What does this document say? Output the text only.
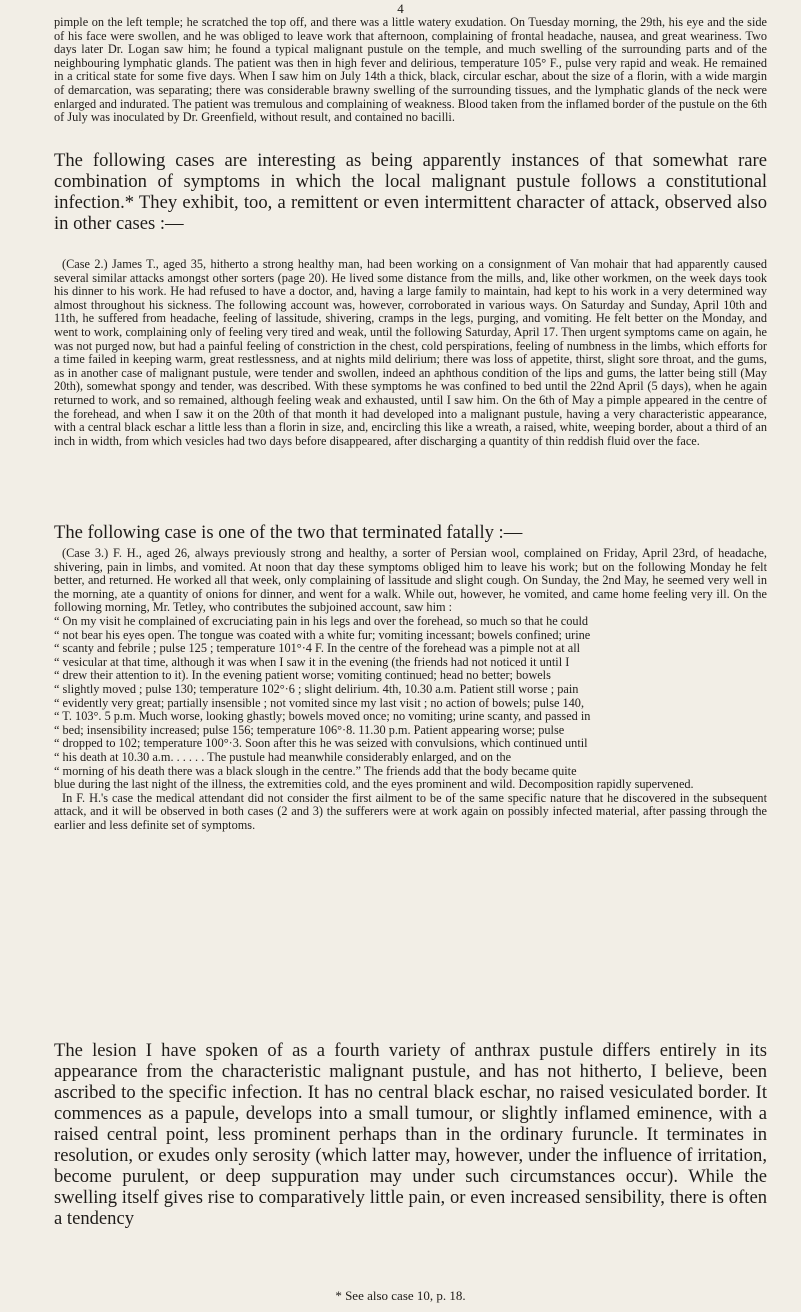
4

pimple on the left temple; he scratched the top off, and there was a little watery exudation. On Tuesday morning, the 29th, his eye and the side of his face were swollen, and he was obliged to leave work that afternoon, complaining of frontal headache, nausea, and great weariness. Two days later Dr. Logan saw him; he found a typical malignant pustule on the temple, and much swelling of the surrounding parts and of the neighbouring lymphatic glands. The patient was then in high fever and delirious, temperature 105° F., pulse very rapid and weak. He remained in a critical state for some five days. When I saw him on July 14th a thick, black, circular eschar, about the size of a florin, with a wide margin of demarcation, was separating; there was considerable brawny swelling of the surrounding tissues, and the lymphatic glands of the neck were enlarged and indurated. The patient was tremulous and complaining of weakness. Blood taken from the inflamed border of the pustule on the 6th of July was inoculated by Dr. Greenfield, without result, and contained no bacilli.

The following cases are interesting as being apparently instances of that somewhat rare combination of symptoms in which the local malignant pustule follows a constitutional infection.* They exhibit, too, a remittent or even intermittent character of attack, observed also in other cases :—

(Case 2.) James T., aged 35, hitherto a strong healthy man, had been working on a consignment of Van mohair that had apparently caused several similar attacks amongst other sorters (page 20). He lived some distance from the mills, and, like other workmen, on the week days took his dinner to his work. He had refused to have a doctor, and, having a large family to maintain, had kept to his work in a very determined way almost throughout his sickness. The following account was, however, corroborated in various ways. On Saturday and Sunday, April 10th and 11th, he suffered from headache, feeling of lassitude, shivering, cramps in the legs, purging, and vomiting. He felt better on the Monday, and went to work, complaining only of feeling very tired and weak, until the following Saturday, April 17. Then urgent symptoms came on again, he was not purged now, but had a painful feeling of constriction in the chest, cold perspirations, feeling of numbness in the limbs, which efforts for a time failed in keeping warm, great restlessness, and at nights mild delirium; there was loss of appetite, thirst, slight sore throat, and the gums, as in another case of malignant pustule, were tender and swollen, indeed an aphthous condition of the lips and gums, the latter being still (May 20th), somewhat spongy and tender, was described. With these symptoms he was confined to bed until the 22nd April (5 days), when he again returned to work, and so remained, although feeling weak and exhausted, until I saw him. On the 6th of May a pimple appeared in the centre of the forehead, and when I saw it on the 20th of that month it had developed into a malignant pustule, having a very characteristic appearance, with a central black eschar a little less than a florin in size, and, encircling this like a wreath, a raised, white, weeping border, about a third of an inch in width, from which vesicles had two days before disappeared, after discharging a quantity of thin reddish fluid over the face.

The following case is one of the two that terminated fatally :—

(Case 3.) F. H., aged 26, always previously strong and healthy, a sorter of Persian wool, complained on Friday, April 23rd, of headache, shivering, pain in limbs, and vomited. At noon that day these symptoms obliged him to leave his work; but on the following Monday he felt better, and returned. He worked all that week, only complaining of lassitude and slight cough. On Sunday, the 2nd May, he seemed very well in the morning, ate a quantity of onions for dinner, and went for a walk. While out, however, he vomited, and came home feeling very ill. On the following morning, Mr. Tetley, who contributes the subjoined account, saw him :
“ On my visit he complained of excruciating pain in his legs and over the forehead, so much so that he could
“ not bear his eyes open. The tongue was coated with a white fur; vomiting incessant; bowels confined; urine
“ scanty and febrile ; pulse 125 ; temperature 101°·4 F. In the centre of the forehead was a pimple not at all
“ vesicular at that time, although it was when I saw it in the evening (the friends had not noticed it until I
“ drew their attention to it). In the evening patient worse; vomiting continued; head no better; bowels
“ slightly moved ; pulse 130; temperature 102°·6 ; slight delirium. 4th, 10.30 a.m. Patient still worse ; pain
“ evidently very great; partially insensible ; not vomited since my last visit ; no action of bowels; pulse 140,
“ T. 103°. 5 p.m. Much worse, looking ghastly; bowels moved once; no vomiting; urine scanty, and passed in
“ bed; insensibility increased; pulse 156; temperature 106°·8. 11.30 p.m. Patient appearing worse; pulse
“ dropped to 102; temperature 100°·3. Soon after this he was seized with convulsions, which continued until
“ his death at 10.30 a.m. . . . . . The pustule had meanwhile considerably enlarged, and on the
“ morning of his death there was a black slough in the centre.” The friends add that the body became quite
blue during the last night of the illness, the extremities cold, and the eyes prominent and wild. Decomposition rapidly supervened.
In F. H.'s case the medical attendant did not consider the first ailment to be of the same specific nature that he discovered in the subsequent attack, and it will be observed in both cases (2 and 3) the sufferers were at work again on possibly infected material, after passing through the earlier and less definite set of symptoms.

The lesion I have spoken of as a fourth variety of anthrax pustule differs entirely in its appearance from the characteristic malignant pustule, and has not hitherto, I believe, been ascribed to the specific infection. It has no central black eschar, no raised vesiculated border. It commences as a papule, develops into a small tumour, or slightly inflamed eminence, with a raised central point, less prominent perhaps than in the ordinary furuncle. It terminates in resolution, or exudes only serosity (which latter may, however, under the influence of irritation, become purulent, or deep suppuration may under such circumstances occur). While the swelling itself gives rise to comparatively little pain, or even increased sensibility, there is often a tendency

* See also case 10, p. 18.
